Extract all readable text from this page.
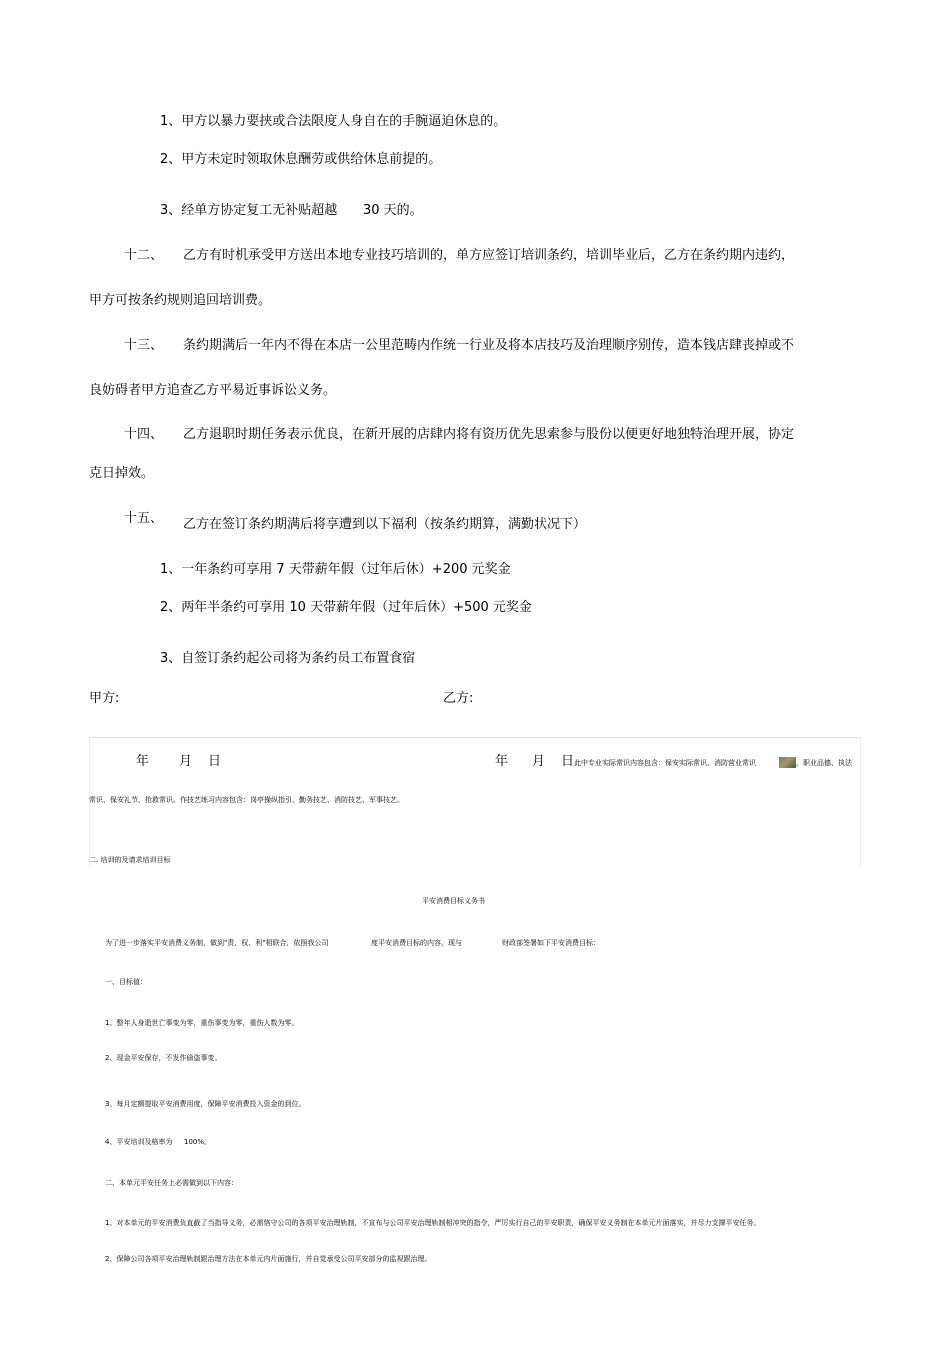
1、甲方以暴力要挟或合法限度人身自在的手腕逼迫休息的。
2、甲方未定时领取休息酬劳或供给休息前提的。
3、经单方协定复工无补贴超越 30 天的。
十二、 乙方有时机承受甲方送出本地专业技巧培训的，单方应签订培训条约，培训毕业后，乙方在条约期内违约，
甲方可按条约规则追回培训费。
十三、 条约期满后一年内不得在本店一公里范畴内作统一行业及将本店技巧及治理顺序别传，造本钱店肆丧掉或不
良妨碍者甲方追查乙方平易近事诉讼义务。
十四、 乙方退职时期任务表示优良，在新开展的店肆内将有资历优先思索参与股份以便更好地独特治理开展，协定
克日掉效。
十五、 乙方在签订条约期满后将享遭到以下福利（按条约期算，满勤状况下）
1、一年条约可享用 7 天带薪年假（过年后休）+200 元奖金
2、两年半条约可享用 10 天带薪年假（过年后休）+500 元奖金
3、自签订条约起公司将为条约员工布置食宿
甲方:	乙方:
年 月 日	年 月 日 此中专业实际常识内容包含：保安实际常识、消防营业常识	，职业品德、执法
常识、保安礼节、抢救常识。作技艺练习内容包含：岗亭操纵指引、勤务技艺、消防技艺、军事技艺。
二. 培训的及请求培训目标
平安消费目标义务书
为了进一步落实平安消费义务制，做到"责、权、利"相联合，依照我公司	度平安消费目标的内容，现与	财政部签署如下平安消费目标：
一、目标值：
1、整年人身逝世亡事变为零，重伤事变为零，重伤人数为零。
2、现金平安保存，不发作偷盗事变。
3、每月定额提取平安消费用度，保障平安消费投入资金的到位。
4、平安培训及格率为 100%。
二、本单元平安任务上必需做到以下内容：
1、对本单元的平安消费负直截了当指导义务，必需恪守公司的各项平安治理轨制，不宣布与公司平安治理轨制相冲突的指令，严厉实行自己的平安职责，确保平安义务制在本单元片面落实，并尽力支撑平安任务。
2、保障公司各项平安治理轨制跟治理方法在本单元内片面施行，并自觉承受公司平安部分的监视跟治理。
